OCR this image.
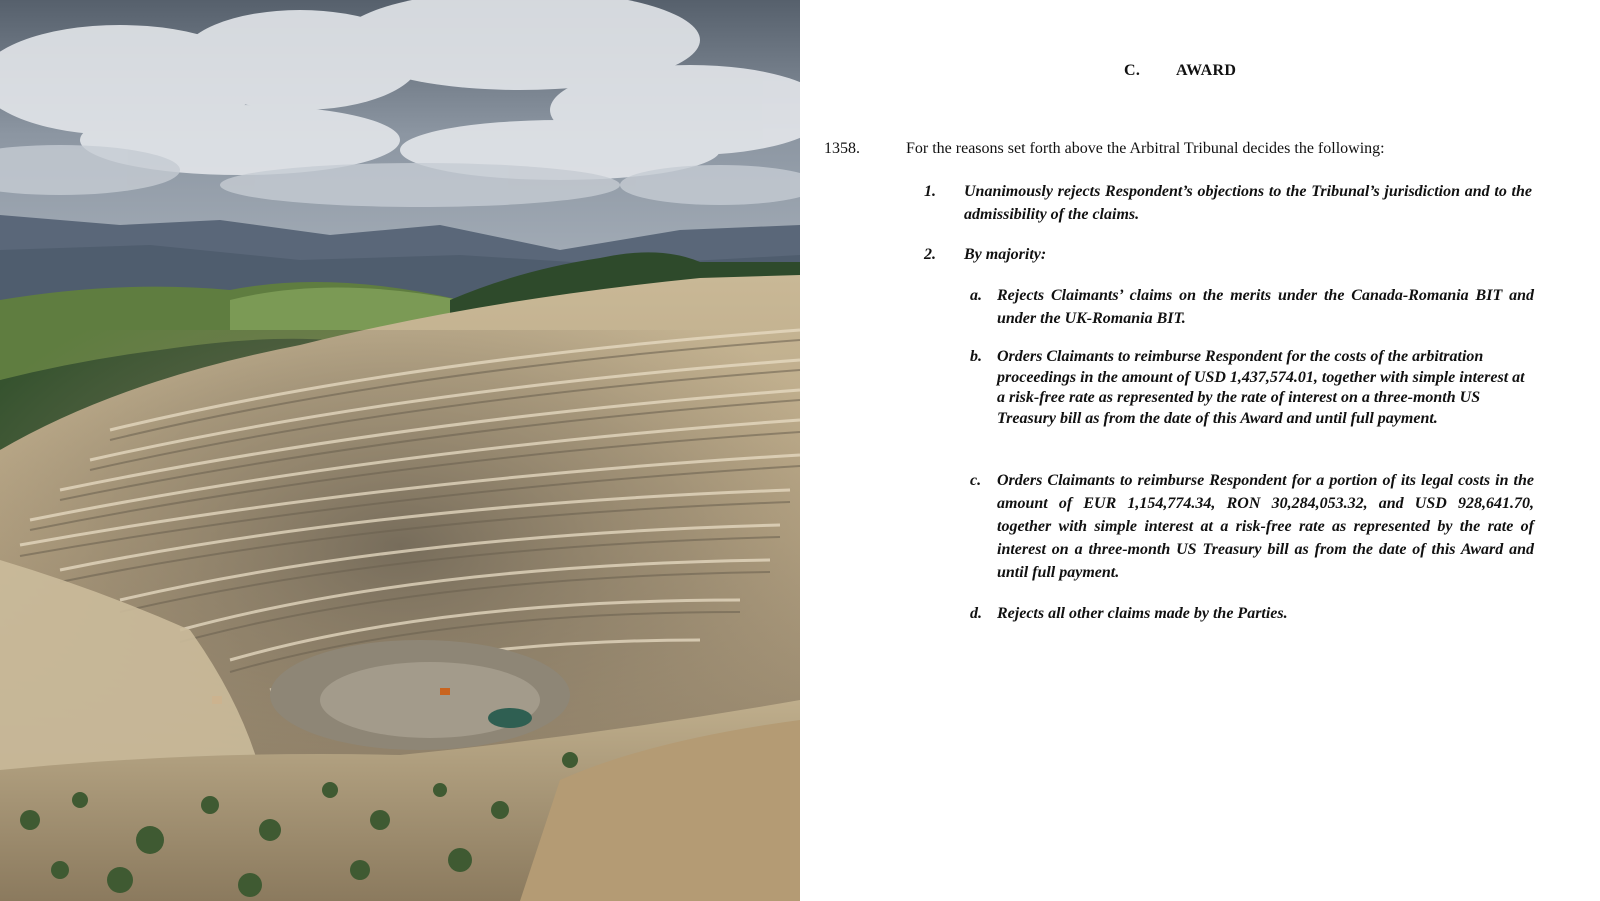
C. AWARD
1358.	For the reasons set forth above the Arbitral Tribunal decides the following:
1. Unanimously rejects Respondent’s objections to the Tribunal’s jurisdiction and to the admissibility of the claims.
2. By majority:
a. Rejects Claimants’ claims on the merits under the Canada-Romania BIT and under the UK-Romania BIT.
b. Orders Claimants to reimburse Respondent for the costs of the arbitration proceedings in the amount of USD 1,437,574.01, together with simple interest at a risk-free rate as represented by the rate of interest on a three-month US Treasury bill as from the date of this Award and until full payment.
c. Orders Claimants to reimburse Respondent for a portion of its legal costs in the amount of EUR 1,154,774.34, RON 30,284,053.32, and USD 928,641.70, together with simple interest at a risk-free rate as represented by the rate of interest on a three-month US Treasury bill as from the date of this Award and until full payment.
d. Rejects all other claims made by the Parties.
